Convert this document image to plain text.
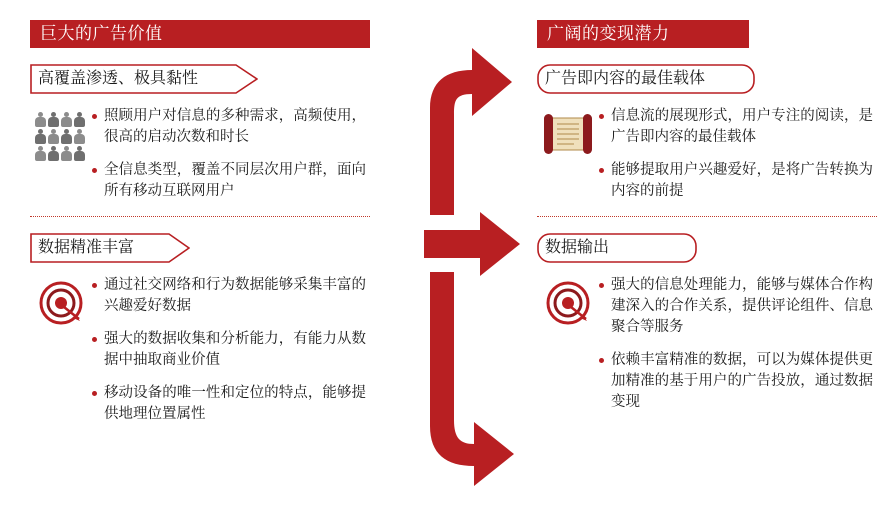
巨大的广告价值
高覆盖渗透、极具黏性
照顾用户对信息的多种需求，高频使用，很高的启动次数和时长
全信息类型，覆盖不同层次用户群，面向所有移动互联网用户
数据精准丰富
通过社交网络和行为数据能够采集丰富的兴趣爱好数据
强大的数据收集和分析能力，有能力从数据中抽取商业价值
移动设备的唯一性和定位的特点，能够提供地理位置属性
广阔的变现潜力
广告即内容的最佳载体
信息流的展现形式，用户专注的阅读，是广告即内容的最佳载体
能够提取用户兴趣爱好，是将广告转换为内容的前提
数据输出
强大的信息处理能力，能够与媒体合作构建深入的合作关系，提供评论组件、信息聚合等服务
依赖丰富精准的数据，可以为媒体提供更加精准的基于用户的广告投放，通过数据变现
